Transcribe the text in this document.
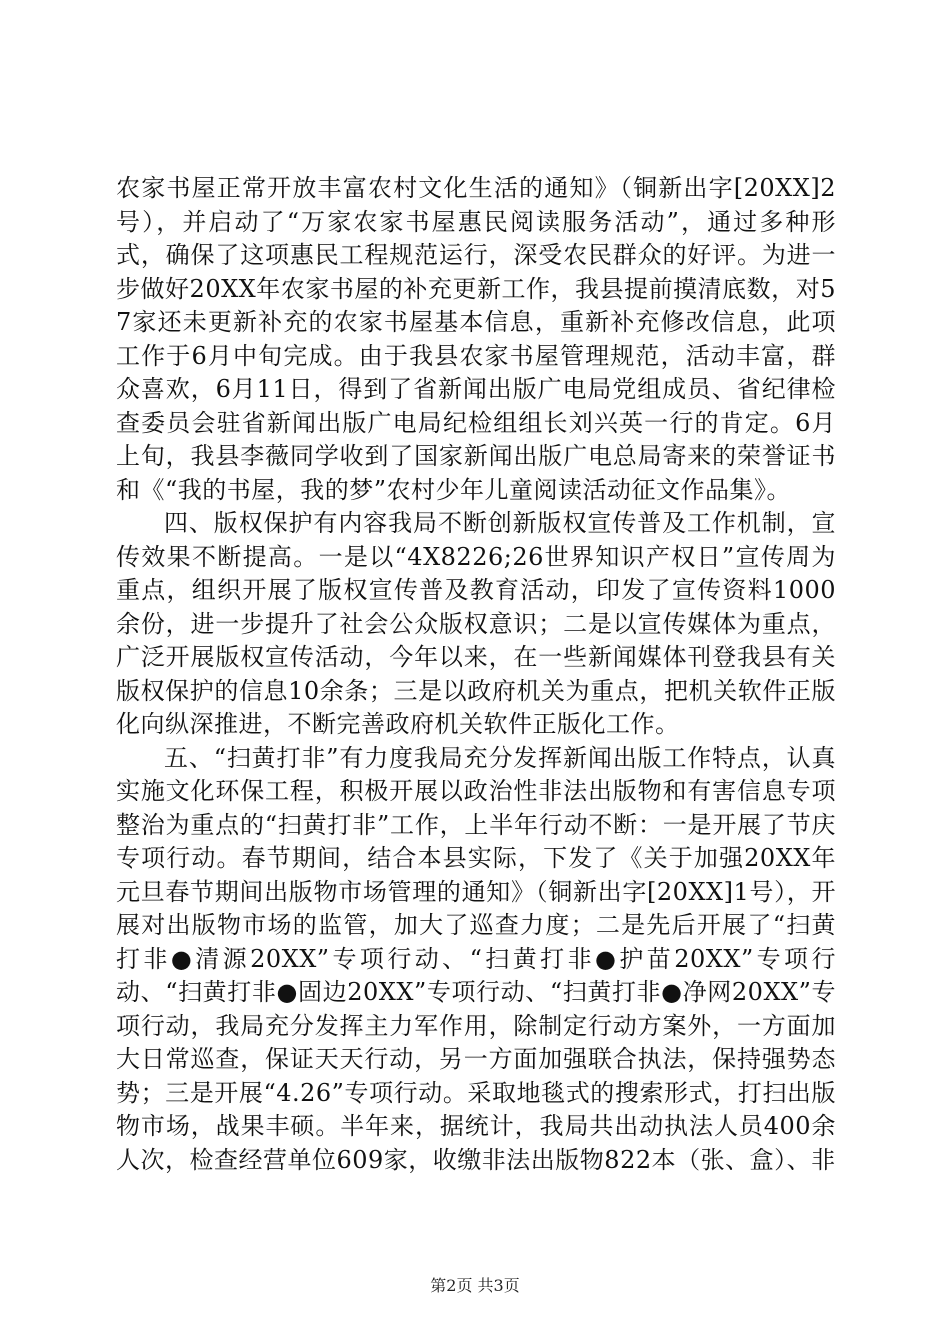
农家书屋正常开放丰富农村文化生活的通知》（铜新出字[20XX]2号），并启动了“万家农家书屋惠民阅读服务活动”，通过多种形式，确保了这项惠民工程规范运行，深受农民群众的好评。为进一步做好20XX年农家书屋的补充更新工作，我县提前摸清底数，对57家还未更新补充的农家书屋基本信息，重新补充修改信息，此项工作于6月中旬完成。由于我县农家书屋管理规范，活动丰富，群众喜欢，6月11日，得到了省新闻出版广电局党组成员、省纪律检查委员会驻省新闻出版广电局纪检组组长刘兴英一行的肯定。6月上旬，我县李薇同学收到了国家新闻出版广电总局寄来的荣誉证书和《“我的书屋，我的梦”农村少年儿童阅读活动征文作品集》。

四、版权保护有内容我局不断创新版权宣传普及工作机制，宣传效果不断提高。一是以“4X8226;26世界知识产权日”宣传周为重点，组织开展了版权宣传普及教育活动，印发了宣传资料1000余份，进一步提升了社会公众版权意识；二是以宣传媒体为重点，广泛开展版权宣传活动，今年以来，在一些新闻媒体刊登我县有关版权保护的信息10余条；三是以政府机关为重点，把机关软件正版化向纵深推进，不断完善政府机关软件正版化工作。

五、“扫黄打非”有力度我局充分发挥新闻出版工作特点，认真实施文化环保工程，积极开展以政治性非法出版物和有害信息专项整治为重点的“扫黄打非”工作，上半年行动不断：一是开展了节庆专项行动。春节期间，结合本县实际，下发了《关于加强20XX年元旦春节期间出版物市场管理的通知》（铜新出字[20XX]1号），开展对出版物市场的监管，加大了巡查力度；二是先后开展了“扫黄打非●清源20XX”专项行动、“扫黄打非●护苗20XX”专项行动、“扫黄打非●固边20XX”专项行动、“扫黄打非●净网20XX”专项行动，我局充分发挥主力军作用，除制定行动方案外，一方面加大日常巡查，保证天天行动，另一方面加强联合执法，保持强势态势；三是开展“4.26”专项行动。采取地毯式的搜索形式，打扫出版物市场，战果丰硕。半年来，据统计，我局共出动执法人员400余人次，检查经营单位609家，收缴非法出版物822本（张、盒）、非

第2页 共3页
